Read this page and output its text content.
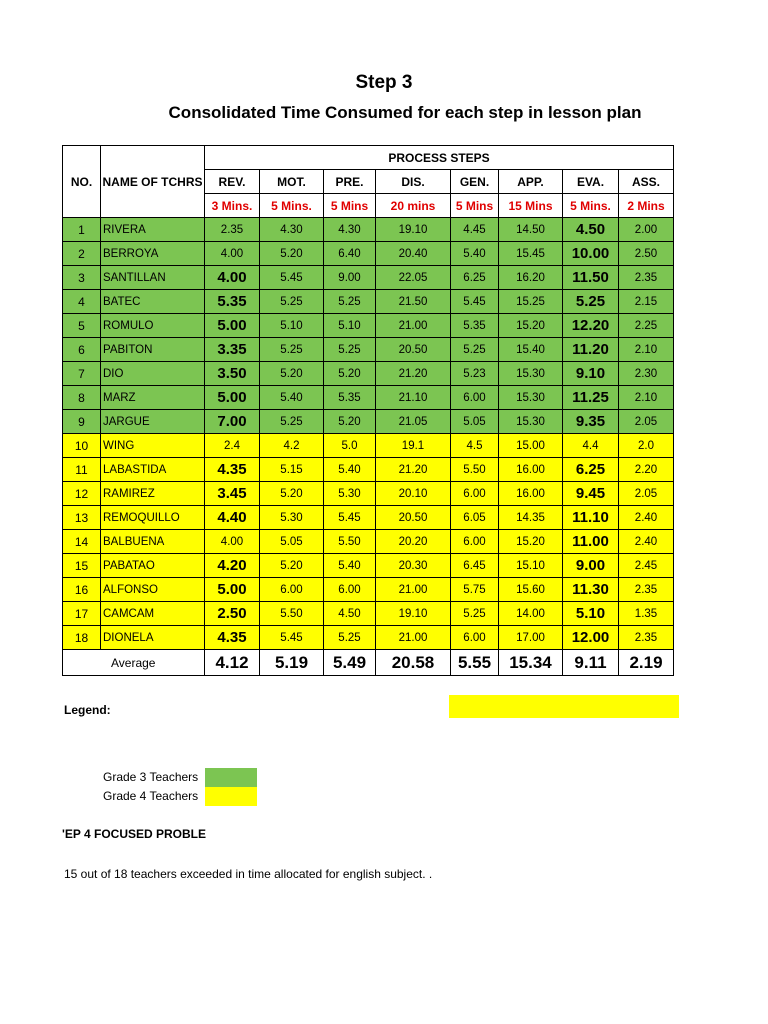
Step 3
Consolidated Time Consumed for each step in lesson plan
NO.	NAME OF TCHRS	PROCESS STEPS							
		REV.	MOT.	PRE.	DIS.	GEN.	APP.	EVA.	ASS.
		3 Mins.	5 Mins.	5 Mins	20 mins	5 Mins	15 Mins	5 Mins.	2 Mins
1	RIVERA	2.35	4.30	4.30	19.10	4.45	14.50	4.50	2.00
2	BERROYA	4.00	5.20	6.40	20.40	5.40	15.45	10.00	2.50
3	SANTILLAN	4.00	5.45	9.00	22.05	6.25	16.20	11.50	2.35
4	BATEC	5.35	5.25	5.25	21.50	5.45	15.25	5.25	2.15
5	ROMULO	5.00	5.10	5.10	21.00	5.35	15.20	12.20	2.25
6	PABITON	3.35	5.25	5.25	20.50	5.25	15.40	11.20	2.10
7	DIO	3.50	5.20	5.20	21.20	5.23	15.30	9.10	2.30
8	MARZ	5.00	5.40	5.35	21.10	6.00	15.30	11.25	2.10
9	JARGUE	7.00	5.25	5.20	21.05	5.05	15.30	9.35	2.05
10	WING	2.4	4.2	5.0	19.1	4.5	15.00	4.4	2.0
11	LABASTIDA	4.35	5.15	5.40	21.20	5.50	16.00	6.25	2.20
12	RAMIREZ	3.45	5.20	5.30	20.10	6.00	16.00	9.45	2.05
13	REMOQUILLO	4.40	5.30	5.45	20.50	6.05	14.35	11.10	2.40
14	BALBUENA	4.00	5.05	5.50	20.20	6.00	15.20	11.00	2.40
15	PABATAO	4.20	5.20	5.40	20.30	6.45	15.10	9.00	2.45
16	ALFONSO	5.00	6.00	6.00	21.00	5.75	15.60	11.30	2.35
17	CAMCAM	2.50	5.50	4.50	19.10	5.25	14.00	5.10	1.35
18	DIONELA	4.35	5.45	5.25	21.00	6.00	17.00	12.00	2.35
Average		4.12	5.19	5.49	20.58	5.55	15.34	9.11	2.19
Legend:
Grade 3 Teachers
Grade 4 Teachers
'EP 4 FOCUSED PROBLE
15 out of 18 teachers exceeded in time allocated for english subject. .
